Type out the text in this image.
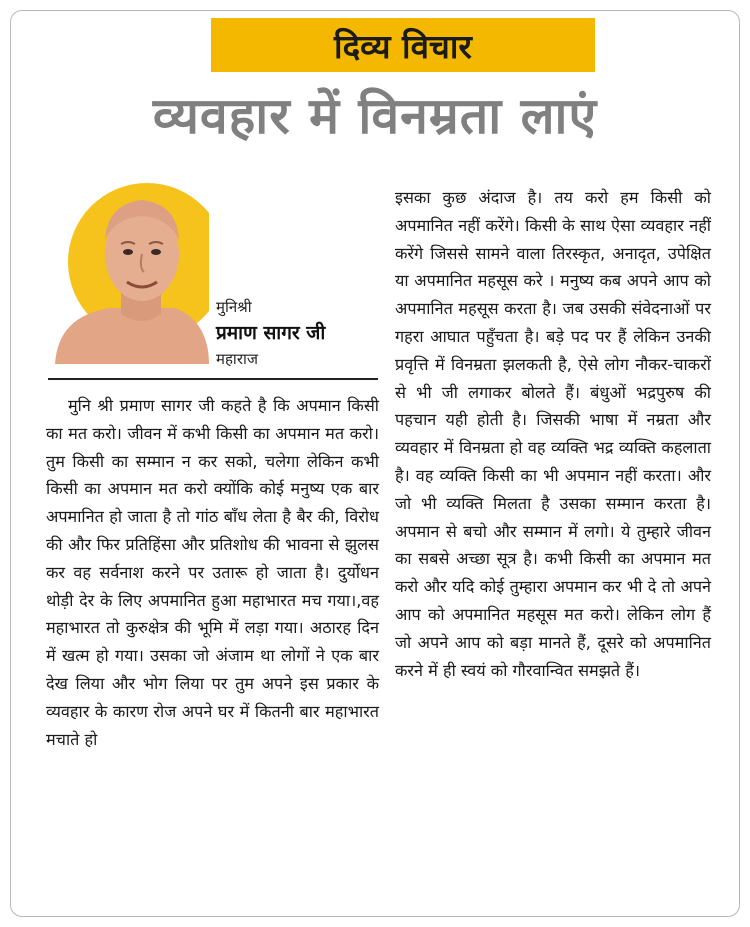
दिव्य विचार
व्यवहार में विनम्रता लाएं
मुनिश्री
प्रमाण सागर जी
महाराज

मुनि श्री प्रमाण सागर जी कहते है कि अपमान किसी का मत करो। जीवन में कभी किसी का अपमान मत करो। तुम किसी का सम्मान न कर सको, चलेगा लेकिन कभी किसी का अपमान मत करो क्योंकि कोई मनुष्य एक बार अपमानित हो जाता है तो गांठ बाँध लेता है बैर की, विरोध की और फिर प्रतिहिंसा और प्रतिशोध की भावना से झुलस कर वह सर्वनाश करने पर उतारू हो जाता है। दुर्योधन थोड़ी देर के लिए अपमानित हुआ महाभारत मच गया।,वह महाभारत तो कुरुक्षेत्र की भूमि में लड़ा गया। अठारह दिन में खत्म हो गया। उसका जो अंजाम था लोगों ने एक बार देख लिया और भोग लिया पर तुम अपने इस प्रकार के व्यवहार के कारण रोज अपने घर में कितनी बार महाभारत मचाते हो

इसका कुछ अंदाज है। तय करो हम किसी को अपमानित नहीं करेंगे। किसी के साथ ऐसा व्यवहार नहीं करेंगे जिससे सामने वाला तिरस्कृत, अनादृत, उपेक्षित या अपमानित महसूस करे । मनुष्य कब अपने आप को अपमानित महसूस करता है। जब उसकी संवेदनाओं पर गहरा आघात पहुँचता है। बड़े पद पर हैं लेकिन उनकी प्रवृत्ति में विनम्रता झलकती है, ऐसे लोग नौकर-चाकरों से भी जी लगाकर बोलते हैं। बंधुओं भद्रपुरुष की पहचान यही होती है। जिसकी भाषा में नम्रता और व्यवहार में विनम्रता हो वह व्यक्ति भद्र व्यक्ति कहलाता है। वह व्यक्ति किसी का भी अपमान नहीं करता। और जो भी व्यक्ति मिलता है उसका सम्मान करता है। अपमान से बचो और सम्मान में लगो। ये तुम्हारे जीवन का सबसे अच्छा सूत्र है। कभी किसी का अपमान मत करो और यदि कोई तुम्हारा अपमान कर भी दे तो अपने आप को अपमानित महसूस मत करो। लेकिन लोग हैं जो अपने आप को बड़ा मानते हैं, दूसरे को अपमानित करने में ही स्वयं को गौरवान्वित समझते हैं।
